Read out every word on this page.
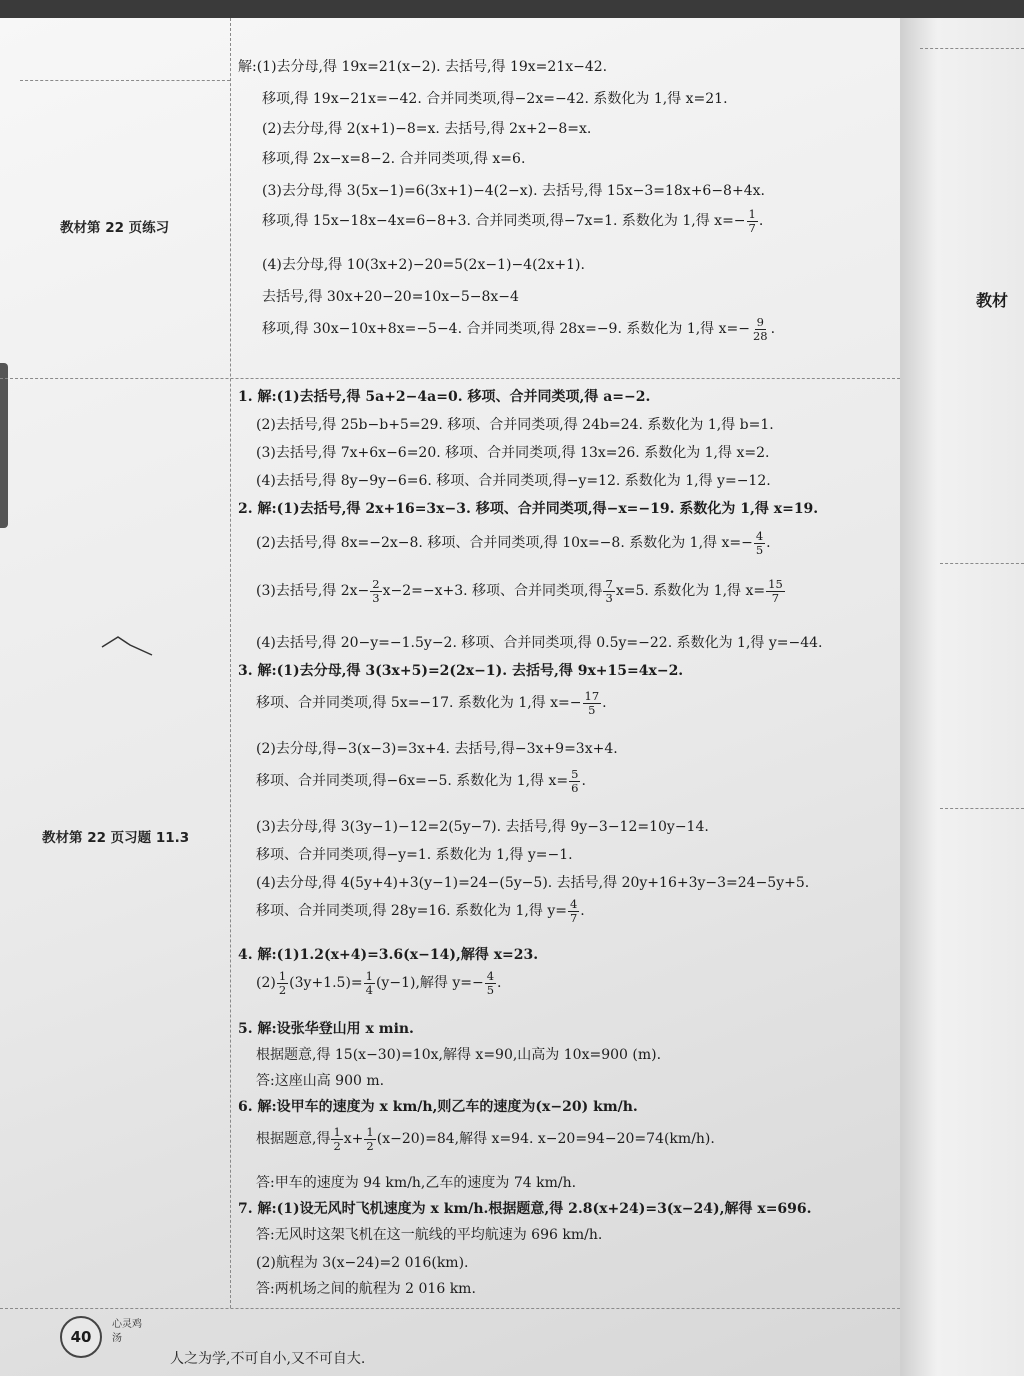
教材第 22 页练习
教材第 22 页习题 11.3
解:(1)去分母,得 19x=21(x−2). 去括号,得 19x=21x−42.
移项,得 19x−21x=−42. 合并同类项,得−2x=−42. 系数化为 1,得 x=21.
(2)去分母,得 2(x+1)−8=x. 去括号,得 2x+2−8=x.
移项,得 2x−x=8−2. 合并同类项,得 x=6.
(3)去分母,得 3(5x−1)=6(3x+1)−4(2−x). 去括号,得 15x−3=18x+6−8+4x.
移项,得 15x−18x−4x=6−8+3. 合并同类项,得−7x=1. 系数化为 1,得 $x=- \frac{1}{7}$ .
(4)去分母,得 10(3x+2)−20=5(2x−1)−4(2x+1).
去括号,得 30x+20−20=10x−5−8x−4
移项,得 30x−10x+8x=−5−4. 合并同类项,得 28x=−9. 系数化为 1,得 $x=- \frac{9}{28}$ .
1. 解:(1)去括号,得 5a+2−4a=0. 移项、合并同类项,得 a=−2.
(2)去括号,得 25b−b+5=29. 移项、合并同类项,得 24b=24. 系数化为 1,得 b=1.
(3)去括号,得 7x+6x−6=20. 移项、合并同类项,得 13x=26. 系数化为 1,得 x=2.
(4)去括号,得 8y−9y−6=6. 移项、合并同类项,得−y=12. 系数化为 1,得 y=−12.
2. 解:(1)去括号,得 2x+16=3x−3. 移项、合并同类项,得−x=−19. 系数化为 1,得 x=19.
(2)去括号,得 8x=−2x−8. 移项、合并同类项,得 10x=−8. 系数化为 1,得 $x=- \frac{4}{5}$ .
(3)去括号,得 $2x- \frac{2}{3} x-2=-x+3$. 移项、合并同类项,得 $\frac{7}{3} x=5$. 系数化为 1,得 $x= \frac{15}{7}$
(4)去括号,得 20−y=−1.5y−2. 移项、合并同类项,得 0.5y=−22. 系数化为 1,得 y=−44.
3. 解:(1)去分母,得 3(3x+5)=2(2x−1). 去括号,得 9x+15=4x−2.
移项、合并同类项,得 5x=−17. 系数化为 1,得 $x=- \frac{17}{5}$ .
(2)去分母,得−3(x−3)=3x+4. 去括号,得−3x+9=3x+4.
移项、合并同类项,得−6x=−5. 系数化为 1,得 $x= \frac{5}{6}$ .
(3)去分母,得 3(3y−1)−12=2(5y−7). 去括号,得 9y−3−12=10y−14.
移项、合并同类项,得−y=1. 系数化为 1,得 y=−1.
(4)去分母,得 4(5y+4)+3(y−1)=24−(5y−5). 去括号,得 20y+16+3y−3=24−5y+5.
移项、合并同类项,得 28y=16. 系数化为 1,得 $y= \frac{4}{7}$ .
4. 解:(1)1.2(x+4)=3.6(x−14),解得 x=23.
$(2) \frac{1}{2} (3y+1.5)= \frac{1}{4} (y-1)$,解得 $y=- \frac{4}{5}$ .
5. 解:设张华登山用 x min.
根据题意,得 15(x−30)=10x,解得 x=90,山高为 10x=900 (m).
答:这座山高 900 m.
6. 解:设甲车的速度为 x km/h,则乙车的速度为(x−20) km/h.
根据题意,得 $\frac{1}{2} x+ \frac{1}{2} (x-20)=84$,解得 x=94. x−20=94−20=74(km/h).
答:甲车的速度为 94 km/h,乙车的速度为 74 km/h.
7. 解:(1)设无风时飞机速度为 x km/h.根据题意,得 2.8(x+24)=3(x−24),解得 x=696.
答:无风时这架飞机在这一航线的平均航速为 696 km/h.
(2)航程为 3(x−24)=2 016(km).
答:两机场之间的航程为 2 016 km.
40
心灵鸡汤
人之为学,不可自小,又不可自大.
教材
